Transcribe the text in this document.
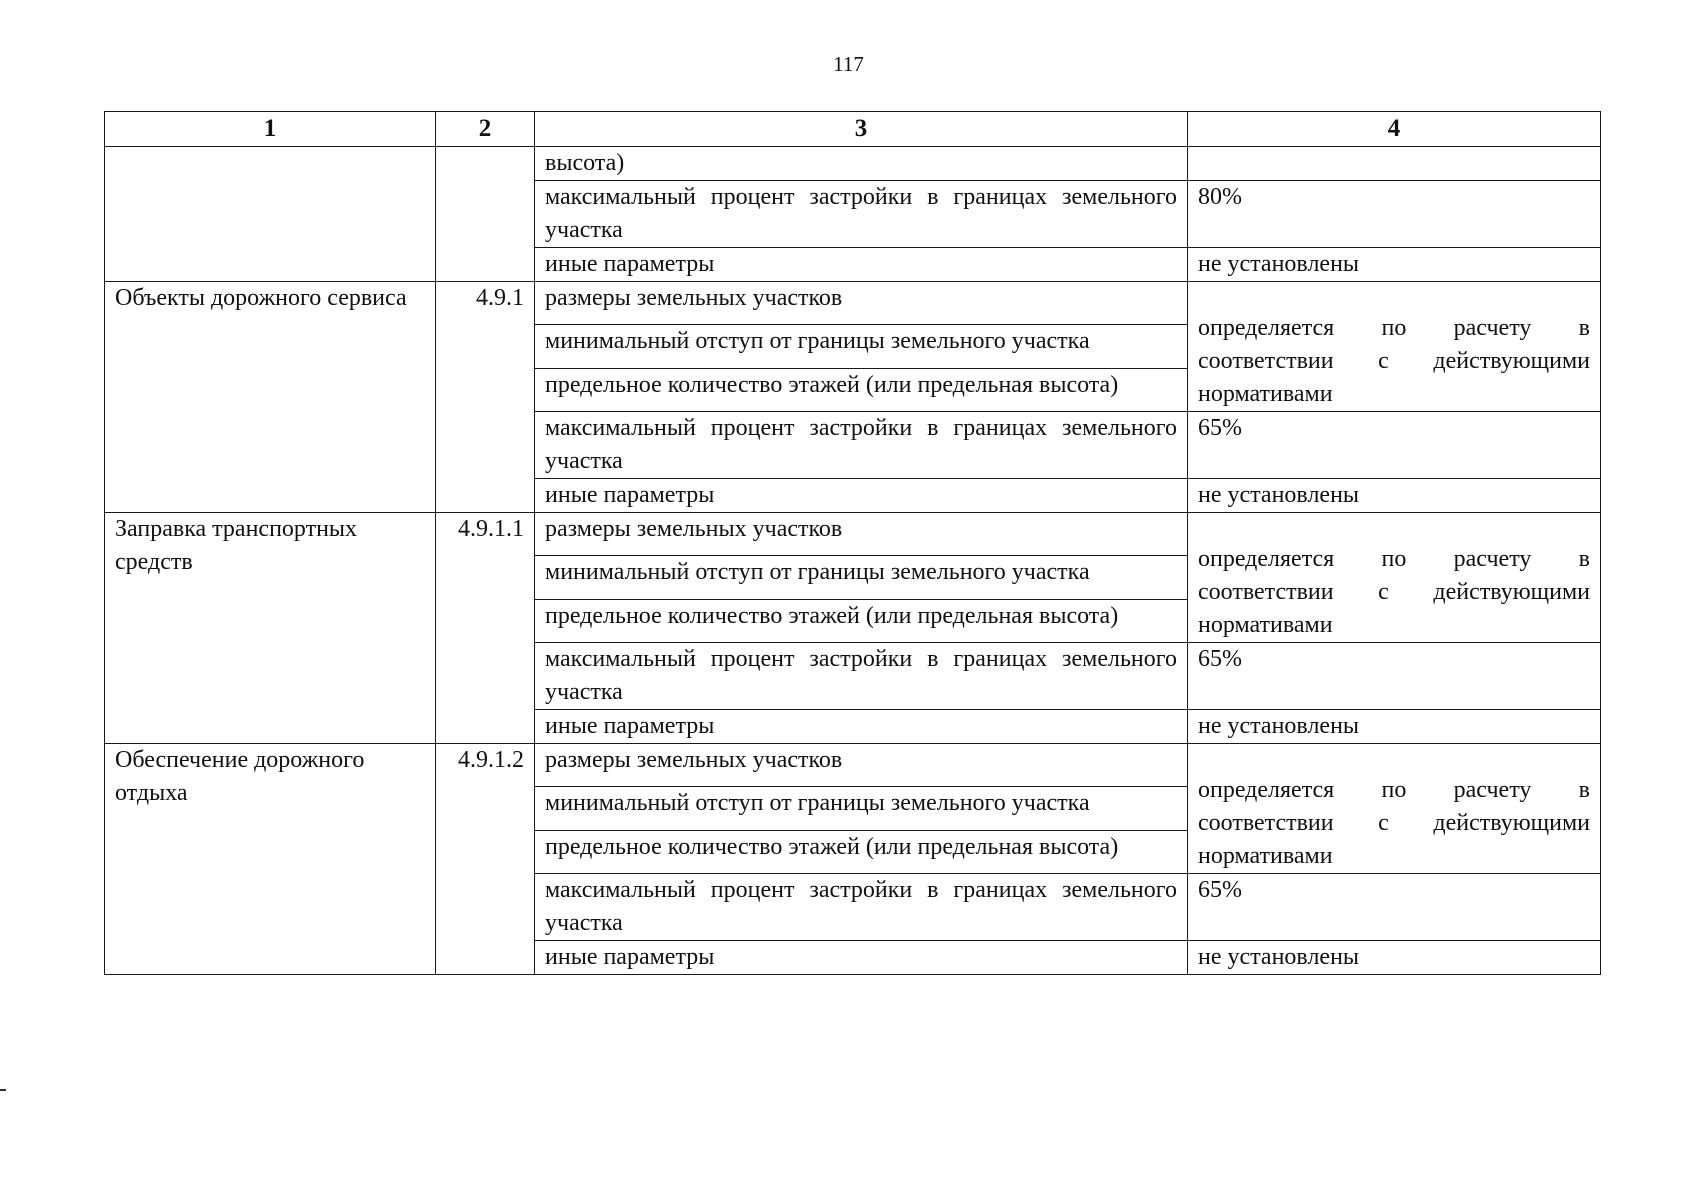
117
1	2	3	4
		высота)	
		максимальный процент застройки в границах земельного участка	80%
		иные параметры	не установлены
Объекты дорожного сервиса	4.9.1	размеры земельных участков	определяется по расчету в соответствии с действующими нормативами

		минимальный отступ от границы земельного участка	
		предельное количество этажей (или предельная высота)	
		максимальный процент застройки в границах земельного участка	65%
		иные параметры	не установлены
Заправка транспортных средств	4.9.1.1	размеры земельных участков	определяется по расчету в соответствии с действующими нормативами

		минимальный отступ от границы земельного участка	
		предельное количество этажей (или предельная высота)	
		максимальный процент застройки в границах земельного участка	65%
		иные параметры	не установлены
Обеспечение дорожного отдыха	4.9.1.2	размеры земельных участков	определяется по расчету в соответствии с действующими нормативами

		минимальный отступ от границы земельного участка	
		предельное количество этажей (или предельная высота)	
		максимальный процент застройки в границах земельного участка	65%
		иные параметры	не установлены
